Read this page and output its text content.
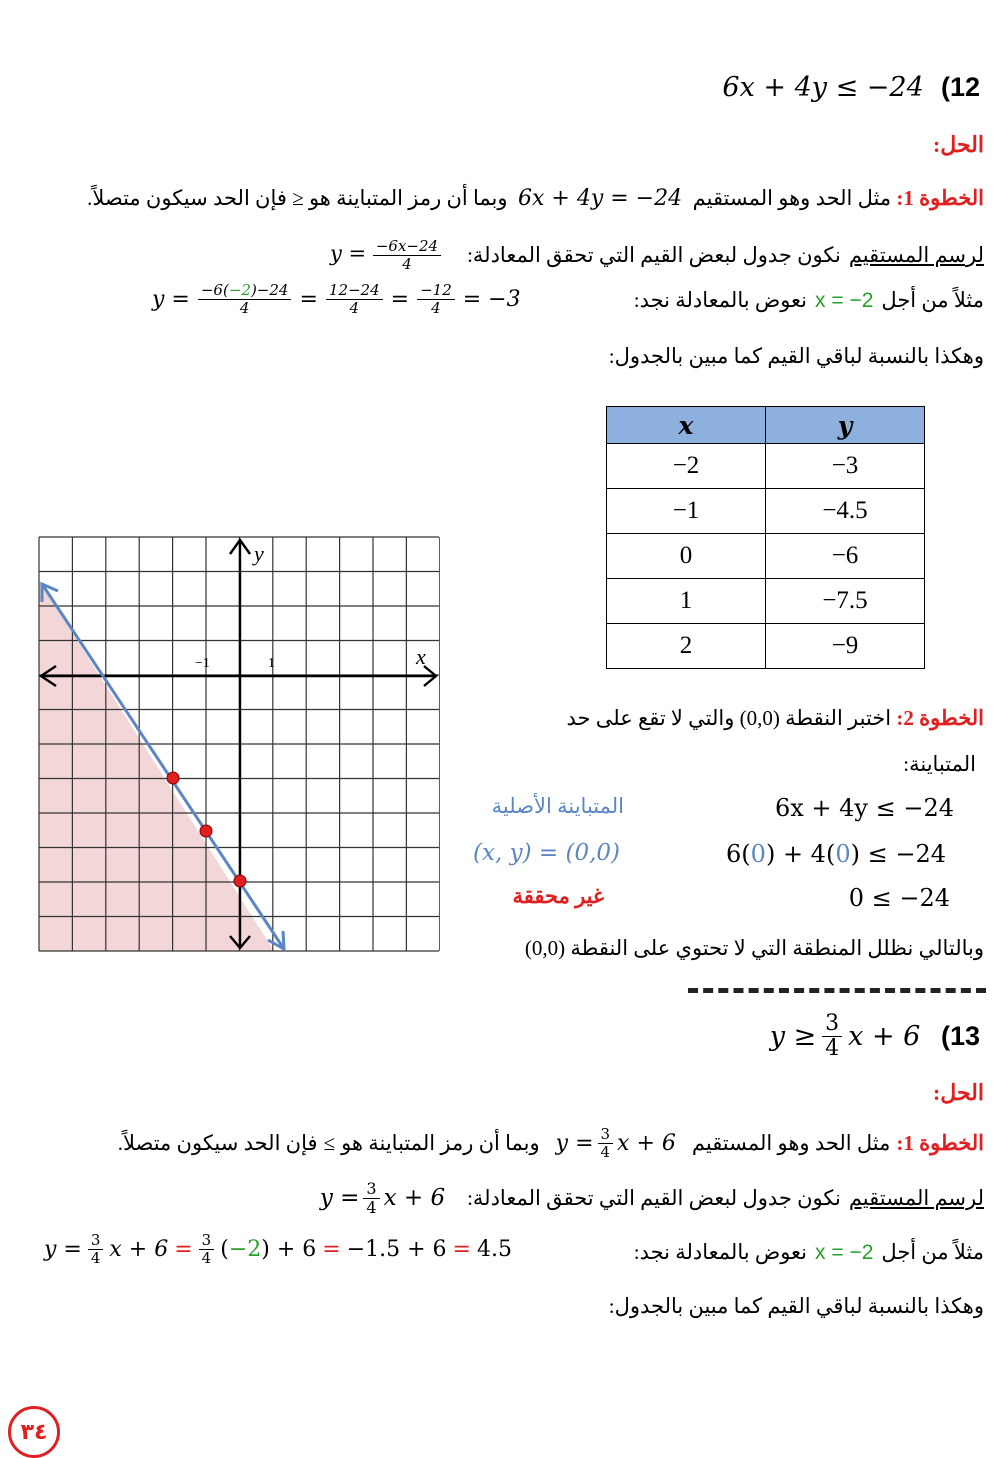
6x + 4y ≤ −24 (12
الحل:
الخطوة 1: مثل الحد وهو المستقيم  6x + 4y = −24  وبما أن رمز المتباينة هو ≤ فإن الحد سيكون متصلاً.
لرسم المستقيم
نكون جدول لبعض القيم التي تحقق المعادلة:
$y = \frac{-6x-24}{4}$
مثلاً من أجل
x = −2
نعوض بالمعادلة نجد:
$y = \frac{-6(-2)-24}{4} = \frac{12-24}{4} = \frac{-12}{4} = -3$
وهكذا بالنسبة لباقي القيم كما مبين بالجدول:
x	y
−2	−3
−1	−4.5
0	−6
1	−7.5
2	−9
y
x
−1	1
الخطوة 2: اختبر النقطة (0,0) والتي لا تقع على حد
المتباينة:
المتباينة الأصلية	6x + 4y ≤ −24
(x, y) = (0,0)	6(0) + 4(0) ≤ −24
غير محققة	0 ≤ −24
وبالتالي نظلل المنطقة التي لا تحتوي على النقطة (0,0)
$y \ge \frac{3}{4}$ x + 6
(13
الحل:
الخطوة 1:
مثل الحد وهو المستقيم
$y = \frac{3}{4}$ x + 6
وبما أن رمز المتباينة هو
≥
فإن الحد سيكون متصلاً.
لرسم المستقيم
نكون جدول لبعض القيم التي تحقق المعادلة:
$y = \frac{3}{4}$ x + 6
مثلاً من أجل
x = −2
نعوض بالمعادلة نجد:
$y = \frac{3}{4}$ $x + 6 = \frac{3}{4} (-2) + 6 = -1.5 + 6 = 4.5$
وهكذا بالنسبة لباقي القيم كما مبين بالجدول:
٣٤
